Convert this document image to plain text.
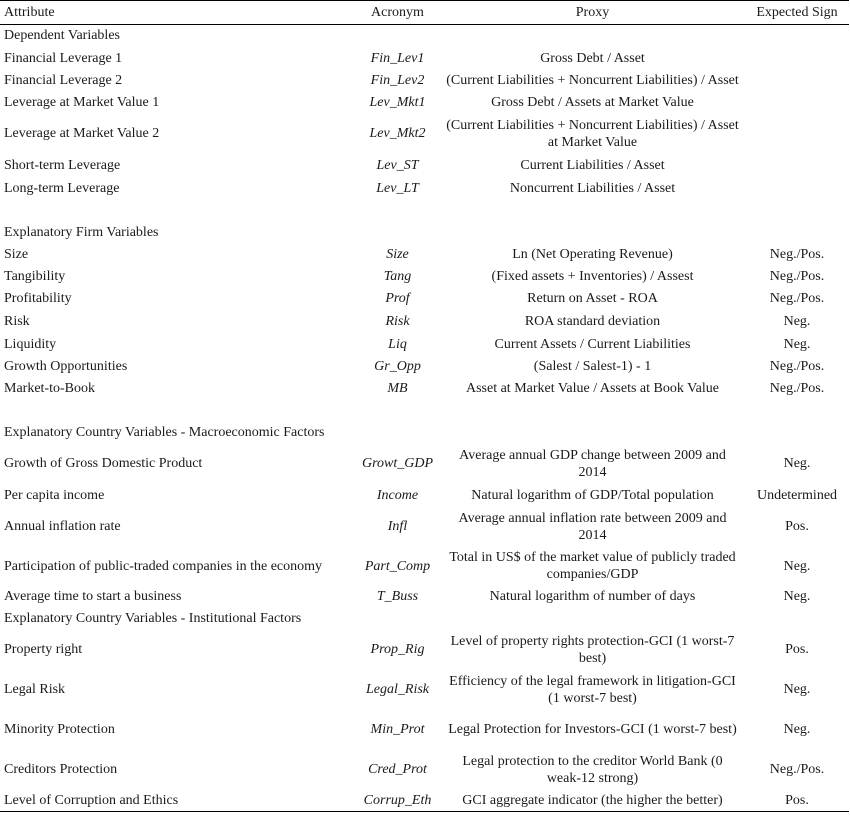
Attribute	Acronym	Proxy	Expected Sign
Dependent Variables			
Financial Leverage 1	Fin_Lev1	Gross Debt / Asset	
Financial Leverage 2	Fin_Lev2	(Current Liabilities + Noncurrent Liabilities) / Asset	
Leverage at Market Value 1	Lev_Mkt1	Gross Debt / Assets at Market Value	
Leverage at Market Value 2	Lev_Mkt2	(Current Liabilities + Noncurrent Liabilities) / Asset at Market Value	
Short-term Leverage	Lev_ST	Current Liabilities / Asset	
Long-term Leverage	Lev_LT	Noncurrent Liabilities / Asset	

Explanatory Firm Variables			
Size	Size	Ln (Net Operating Revenue)	Neg./Pos.
Tangibility	Tang	(Fixed assets + Inventories) / Assest	Neg./Pos.
Profitability	Prof	Return on Asset - ROA	Neg./Pos.
Risk	Risk	ROA standard deviation	Neg.
Liquidity	Liq	Current Assets / Current Liabilities	Neg.
Growth Opportunities	Gr_Opp	(Salest / Salest-1) - 1	Neg./Pos.
Market-to-Book	MB	Asset at Market Value / Assets at Book Value	Neg./Pos.

Explanatory Country Variables - Macroeconomic Factors			
Growth of Gross Domestic Product	Growt_GDP	Average annual GDP change between 2009 and 2014	Neg.
Per capita income	Income	Natural logarithm of GDP/Total population	Undetermined
Annual inflation rate	Infl	Average annual inflation rate between 2009 and 2014	Pos.
Participation of public-traded companies in the economy	Part_Comp	Total in US$ of the market value of publicly traded companies/GDP	Neg.
Average time to start a business	T_Buss	Natural logarithm of number of days	Neg.
Explanatory Country Variables - Institutional Factors			
Property right	Prop_Rig	Level of property rights protection-GCI (1 worst-7 best)	Pos.
Legal Risk	Legal_Risk	Efficiency of the legal framework in litigation-GCI (1 worst-7 best)	Neg.
Minority Protection	Min_Prot	Legal Protection for Investors-GCI (1 worst-7 best)	Neg.
Creditors Protection	Cred_Prot	Legal protection to the creditor World Bank (0 weak-12 strong)	Neg./Pos.
Level of Corruption and Ethics	Corrup_Eth	GCI aggregate indicator (the higher the better)	Pos.
